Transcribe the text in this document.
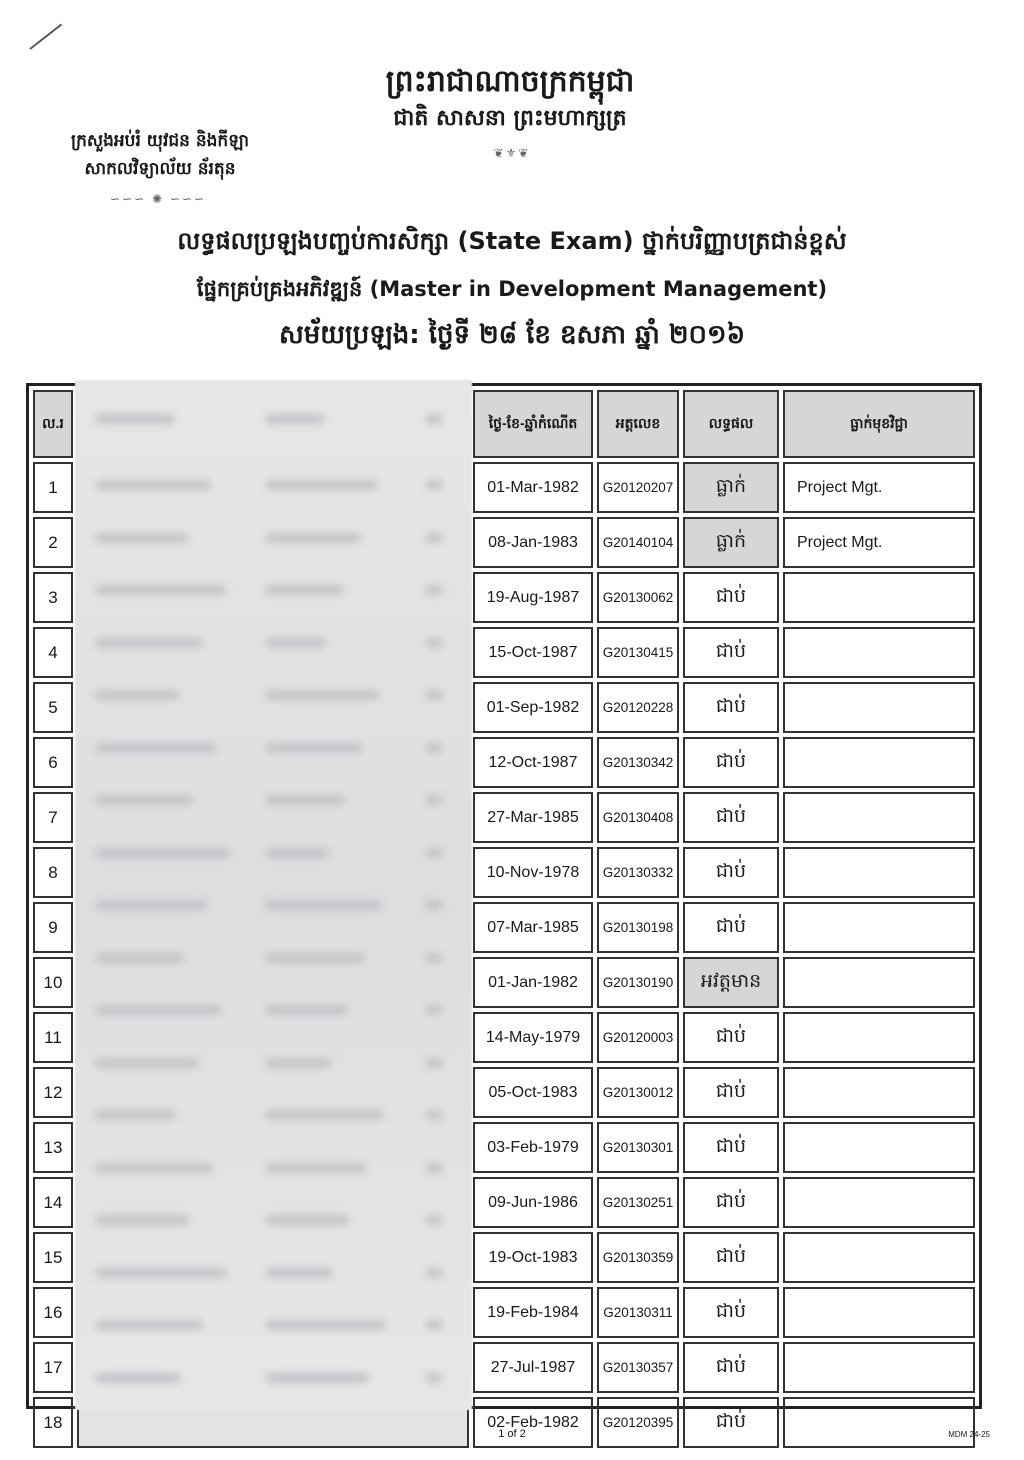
ព្រះរាជាណាចក្រកម្ពុជា
ជាតិ សាសនា ព្រះមហាក្សត្រ
❦⚜❦
ក្រសួងអប់រំ យុវជន និងកីឡា
សាកលវិទ្យាល័យ ន័រតុន
∽∽∽ ✺ ∽∽∽
លទ្ធផលប្រឡងបញ្ចប់ការសិក្សា (State Exam) ថ្នាក់បរិញ្ញាបត្រជាន់ខ្ពស់
ផ្នែកគ្រប់គ្រងអភិវឌ្ឍន៍ (Master in Development Management)
សម័យប្រឡង: ថ្ងៃទី ២៨ ខែ ឧសភា ឆ្នាំ ២០១៦
ល.រ		ថ្ងៃ-ខែ-ឆ្នាំកំណើត	អត្តលេខ	លទ្ធផល	ធ្លាក់មុខវិជ្ជា
1		01-Mar-1982	G20120207	ធ្លាក់	Project Mgt.
2		08-Jan-1983	G20140104	ធ្លាក់	Project Mgt.
3		19-Aug-1987	G20130062	ជាប់	
4		15-Oct-1987	G20130415	ជាប់	
5		01-Sep-1982	G20120228	ជាប់	
6		12-Oct-1987	G20130342	ជាប់	
7		27-Mar-1985	G20130408	ជាប់	
8		10-Nov-1978	G20130332	ជាប់	
9		07-Mar-1985	G20130198	ជាប់	
10		01-Jan-1982	G20130190	អវត្តមាន	
11		14-May-1979	G20120003	ជាប់	
12		05-Oct-1983	G20130012	ជាប់	
13		03-Feb-1979	G20130301	ជាប់	
14		09-Jun-1986	G20130251	ជាប់	
15		19-Oct-1983	G20130359	ជាប់	
16		19-Feb-1984	G20130311	ជាប់	
17		27-Jul-1987	G20130357	ជាប់	
18		02-Feb-1982	G20120395	ជាប់	
1 of 2	MDM 24-25
